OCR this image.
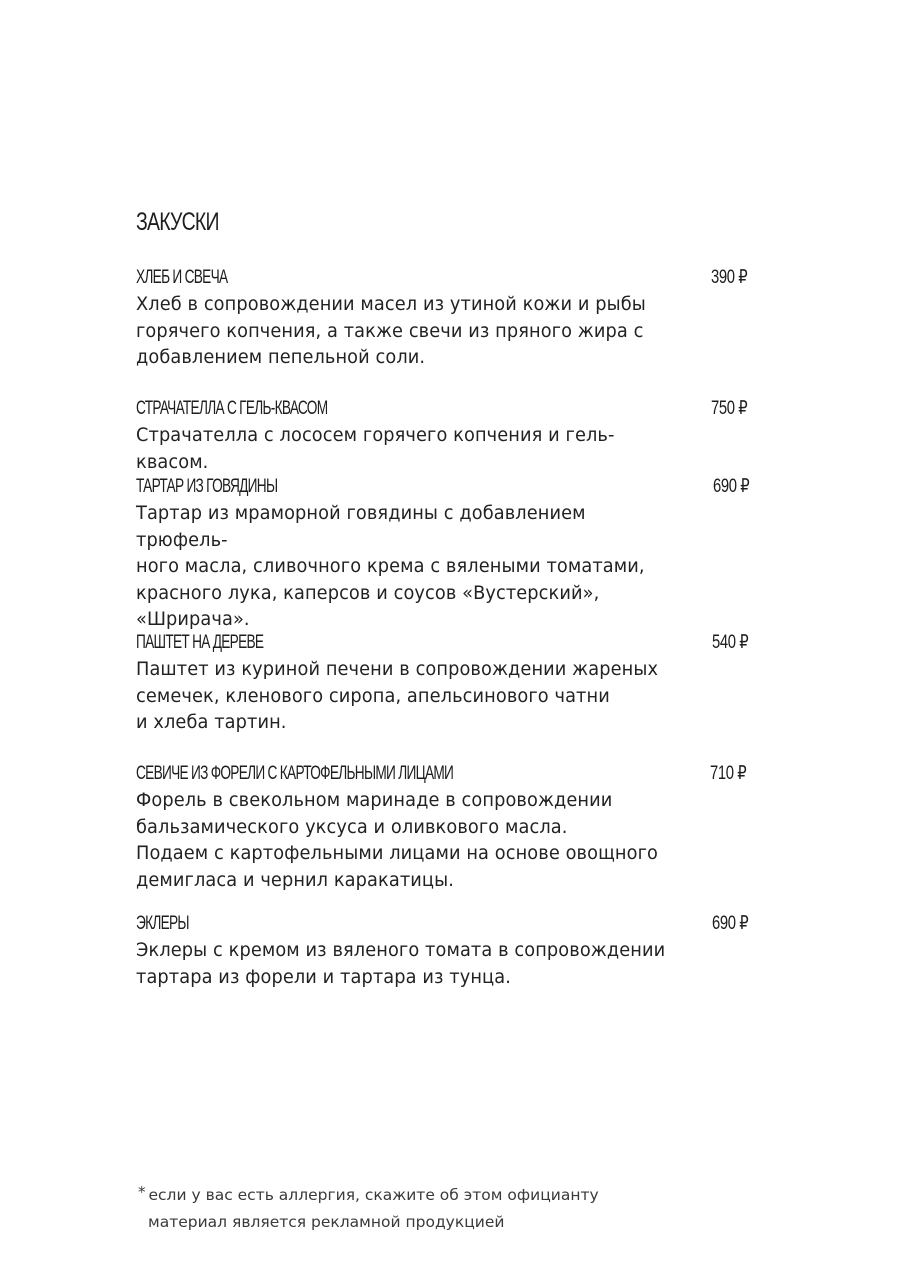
ЗАКУСКИ
ХЛЕБ И СВЕЧА	390 ₽
Хлеб в сопровождении масел из утиной кожи и рыбы
горячего копчения, а также свечи из пряного жира с
добавлением пепельной соли.
СТРАЧАТЕЛЛА С ГЕЛЬ-КВАСОМ	750 ₽
Страчателла с лососем горячего копчения и гель-квасом.
ТАРТАР ИЗ ГОВЯДИНЫ	690 ₽
Тартар из мраморной говядины с добавлением трюфель-
ного масла, сливочного крема с вялеными томатами,
красного лука, каперсов и соусов «Вустерский»,
«Шрирача».
ПАШТЕТ НА ДЕРЕВЕ	540 ₽
Паштет из куриной печени в сопровождении жареных
семечек, кленового сиропа, апельсинового чатни
и хлеба тартин.
СЕВИЧЕ ИЗ ФОРЕЛИ С КАРТОФЕЛЬНЫМИ ЛИЦАМИ	710 ₽
Форель в свекольном маринаде в сопровождении
бальзамического уксуса и оливкового масла.
Подаем с картофельными лицами на основе овощного
демигласа и чернил каракатицы.
ЭКЛЕРЫ	690 ₽
Эклеры с кремом из вяленого томата в сопровождении
тартара из форели и тартара из тунца.
* если у вас есть аллергия, скажите об этом официанту
материал является рекламной продукцией
